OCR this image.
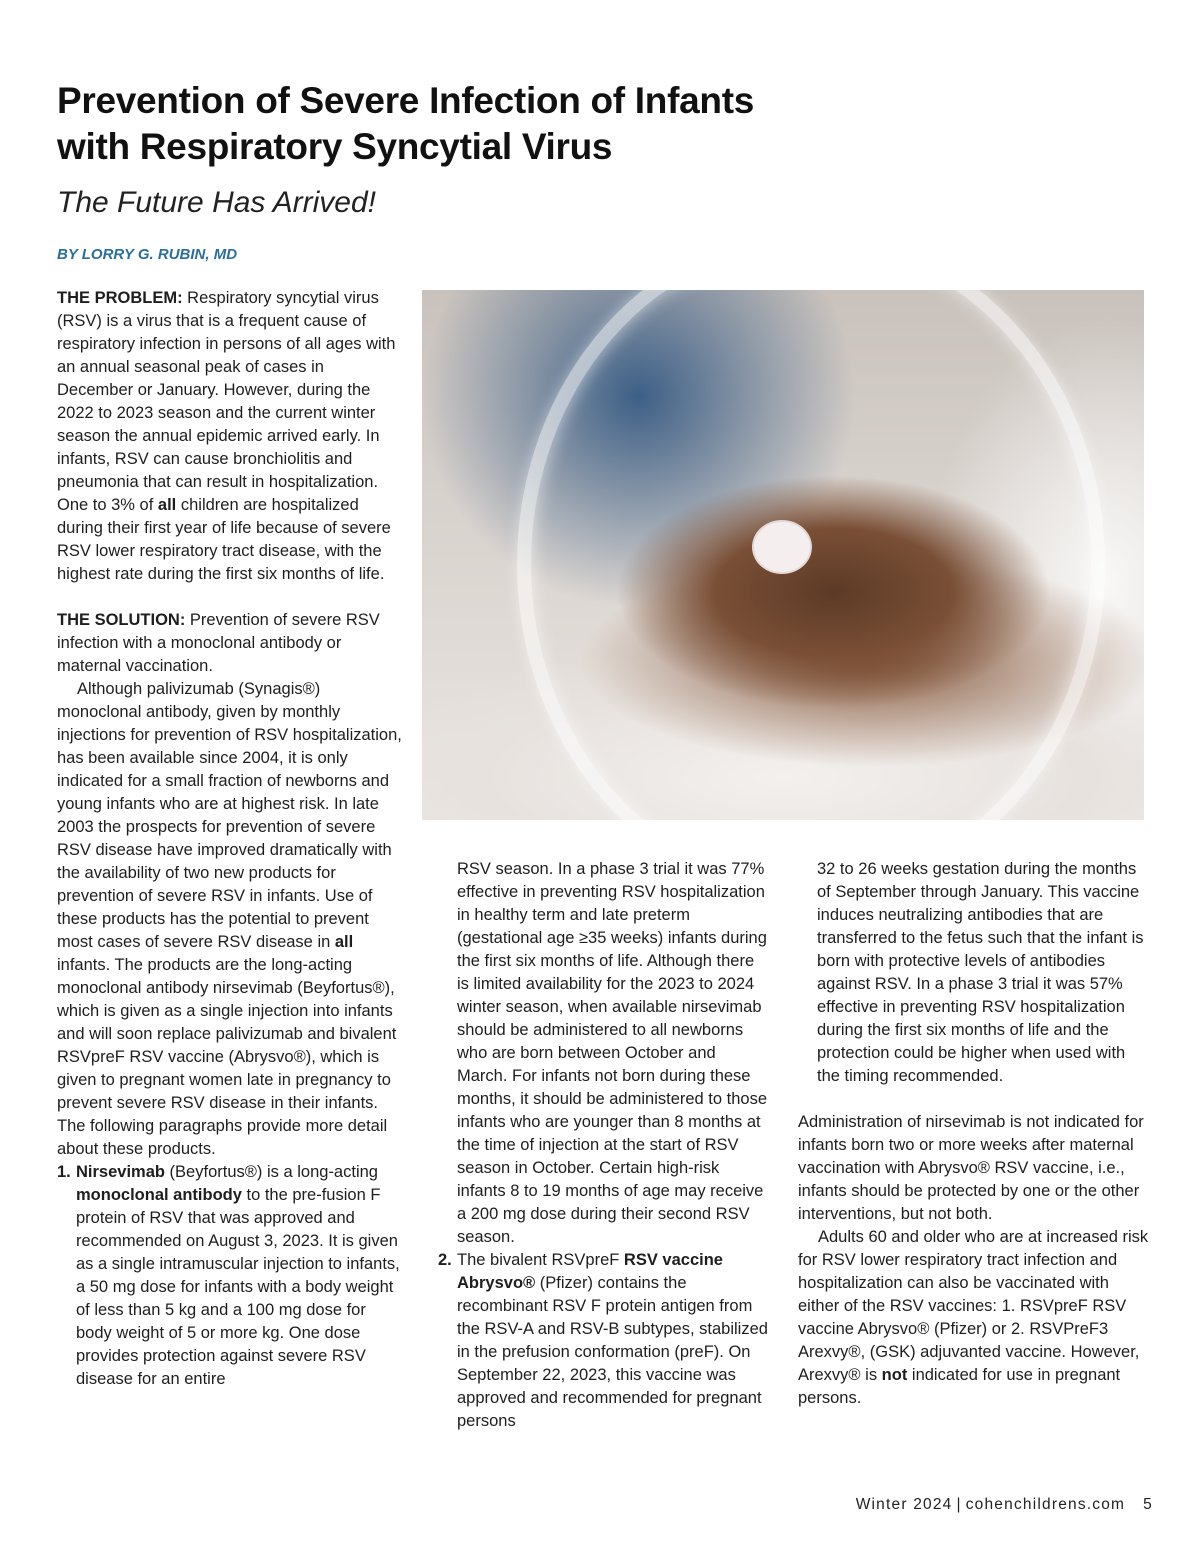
Prevention of Severe Infection of Infants
with Respiratory Syncytial Virus
The Future Has Arrived!

BY LORRY G. RUBIN, MD

THE PROBLEM: Respiratory syncytial virus (RSV) is a virus that is a frequent cause of respiratory infection in persons of all ages with an annual seasonal peak of cases in December or January. However, during the 2022 to 2023 season and the current winter season the annual epidemic arrived early. In infants, RSV can cause bronchiolitis and pneumonia that can result in hospitalization. One to 3% of all children are hospitalized during their first year of life because of severe RSV lower respiratory tract disease, with the highest rate during the first six months of life.

THE SOLUTION: Prevention of severe RSV infection with a monoclonal antibody or maternal vaccination.

Although palivizumab (Synagis®) monoclonal antibody, given by monthly injections for prevention of RSV hospitalization, has been available since 2004, it is only indicated for a small fraction of newborns and young infants who are at highest risk. In late 2003 the prospects for prevention of severe RSV disease have improved dramatically with the availability of two new products for prevention of severe RSV in infants. Use of these products has the potential to prevent most cases of severe RSV disease in all infants. The products are the long-acting monoclonal antibody nirsevimab (Beyfortus®), which is given as a single injection into infants and will soon replace palivizumab and bivalent RSVpreF RSV vaccine (Abrysvo®), which is given to pregnant women late in pregnancy to prevent severe RSV disease in their infants. The following paragraphs provide more detail about these products.

1. Nirsevimab (Beyfortus®) is a long-acting monoclonal antibody to the pre-fusion F protein of RSV that was approved and recommended on August 3, 2023. It is given as a single intramuscular injection to infants, a 50 mg dose for infants with a body weight of less than 5 kg and a 100 mg dose for body weight of 5 or more kg. One dose provides protection against severe RSV disease for an entire

RSV season. In a phase 3 trial it was 77% effective in preventing RSV hospitalization in healthy term and late preterm (gestational age ≥35 weeks) infants during the first six months of life. Although there is limited availability for the 2023 to 2024 winter season, when available nirsevimab should be administered to all newborns who are born between October and March. For infants not born during these months, it should be administered to those infants who are younger than 8 months at the time of injection at the start of RSV season in October. Certain high-risk infants 8 to 19 months of age may receive a 200 mg dose during their second RSV season.

2. The bivalent RSVpreF RSV vaccine Abrysvo® (Pfizer) contains the recombinant RSV F protein antigen from the RSV-A and RSV-B subtypes, stabilized in the prefusion conformation (preF). On September 22, 2023, this vaccine was approved and recommended for pregnant persons

32 to 26 weeks gestation during the months of September through January. This vaccine induces neutralizing antibodies that are transferred to the fetus such that the infant is born with protective levels of antibodies against RSV. In a phase 3 trial it was 57% effective in preventing RSV hospitalization during the first six months of life and the protection could be higher when used with the timing recommended.

Administration of nirsevimab is not indicated for infants born two or more weeks after maternal vaccination with Abrysvo® RSV vaccine, i.e., infants should be protected by one or the other interventions, but not both.

Adults 60 and older who are at increased risk for RSV lower respiratory tract infection and hospitalization can also be vaccinated with either of the RSV vaccines: 1. RSVpreF RSV vaccine Abrysvo® (Pfizer) or 2. RSVPreF3 Arexvy®, (GSK) adjuvanted vaccine. However, Arexvy® is not indicated for use in pregnant persons.

Winter 2024 | cohenchildrens.com 5
